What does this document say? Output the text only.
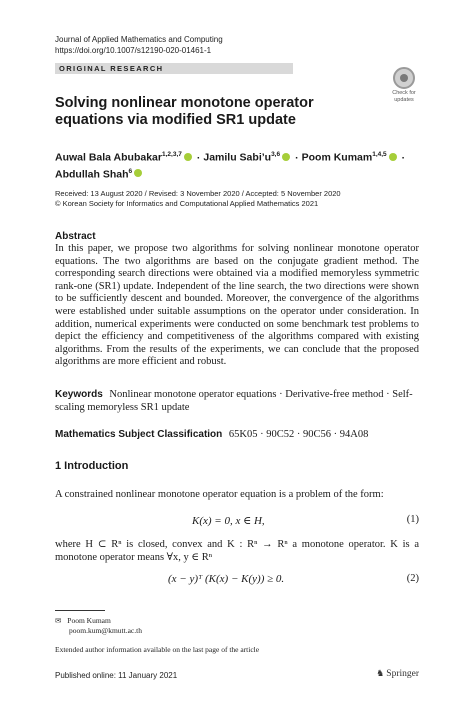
Journal of Applied Mathematics and Computing
https://doi.org/10.1007/s12190-020-01461-1
ORIGINAL RESEARCH
Check for
updates
Solving nonlinear monotone operator equations via modified SR1 update
Auwal Bala Abubakar$^{1,2,3,7}$ · Jamilu $Sabi’u^{3,6}$ · Poom Kumam$^{1,4,5}$ ·
Abdullah Shah$^6$
Received: 13 August 2020 / Revised: 3 November 2020 / Accepted: 5 November 2020
© Korean Society for Informatics and Computational Applied Mathematics 2021
Abstract
In this paper, we propose two algorithms for solving nonlinear monotone operator equations. The two algorithms are based on the conjugate gradient method. The corresponding search directions were obtained via a modified memoryless symmetric rank-one (SR1) update. Independent of the line search, the two directions were shown to be sufficiently descent and bounded. Moreover, the convergence of the algorithms were established under suitable assumptions on the operator under consideration. In addition, numerical experiments were conducted on some benchmark test problems to depict the efficiency and competitiveness of the algorithms compared with existing algorithms. From the results of the experiments, we can conclude that the proposed algorithms are more efficient and robust.
Keywords Nonlinear monotone operator equations · Derivative-free method · Self-scaling memoryless SR1 update
Mathematics Subject Classification 65K05 · 90C52 · 90C56 · 94A08
1 Introduction
A constrained nonlinear monotone operator equation is a problem of the form:
K(x) = 0, x ∈ H,	(1)
where H ⊂ Rⁿ is closed, convex and K : Rⁿ → Rⁿ a monotone operator. K is a monotone operator means ∀x, y ∈ Rⁿ
(x − y)ᵀ (K(x) − K(y)) ≥ 0.	(2)
✉ Poom Kumam
poom.kum@kmutt.ac.th
Extended author information available on the last page of the article
Published online: 11 January 2021	♞ Springer
